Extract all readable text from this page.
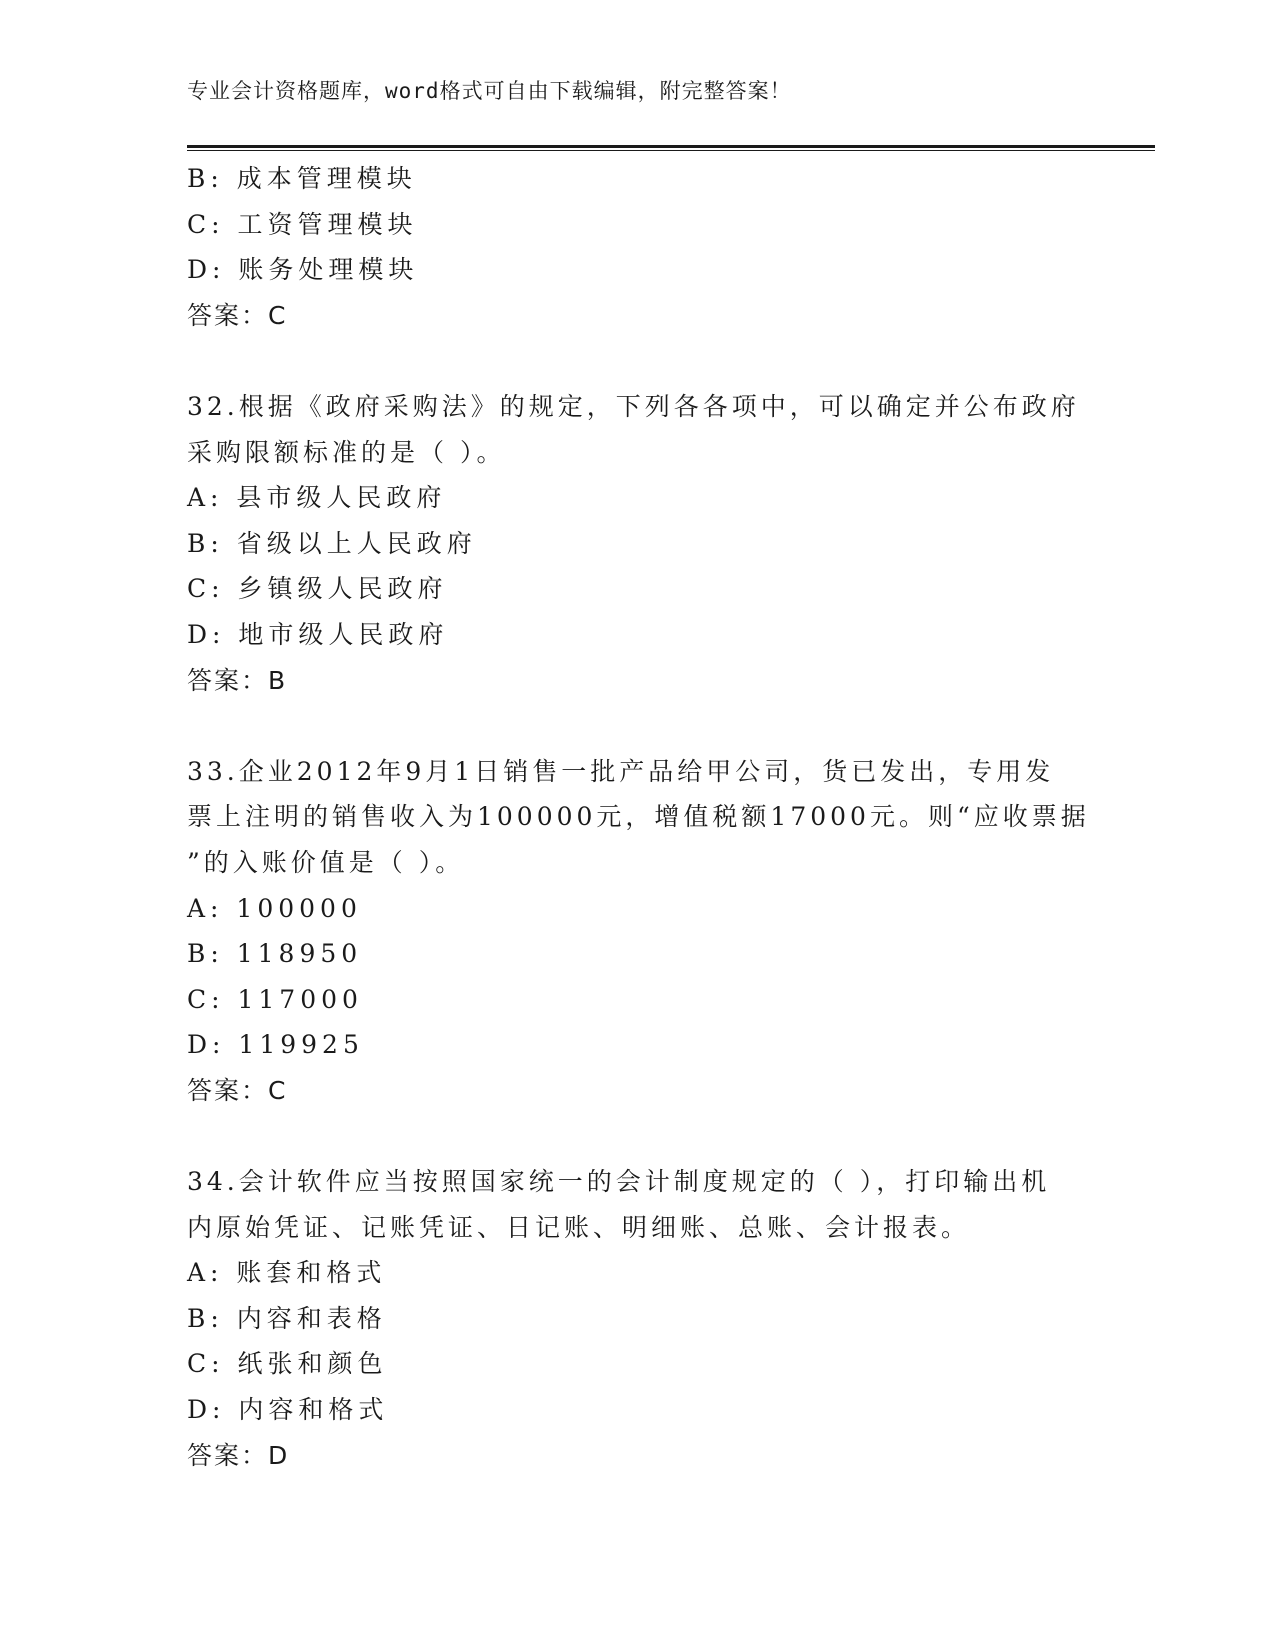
专业会计资格题库，word格式可自由下载编辑，附完整答案！
B: 成本管理模块
C: 工资管理模块
D: 账务处理模块
答案：C
32.根据《政府采购法》的规定，下列各各项中，可以确定并公布政府
采购限额标准的是（ ）。
A: 县市级人民政府
B: 省级以上人民政府
C: 乡镇级人民政府
D: 地市级人民政府
答案：B
33.企业2012年9月1日销售一批产品给甲公司，货已发出，专用发
票上注明的销售收入为100000元，增值税额17000元。则“应收票据
”的入账价值是（ ）。
A: 100000
B: 118950
C: 117000
D: 119925
答案：C
34.会计软件应当按照国家统一的会计制度规定的（ ），打印输出机
内原始凭证、记账凭证、日记账、明细账、总账、会计报表。
A: 账套和格式
B: 内容和表格
C: 纸张和颜色
D: 内容和格式
答案：D
